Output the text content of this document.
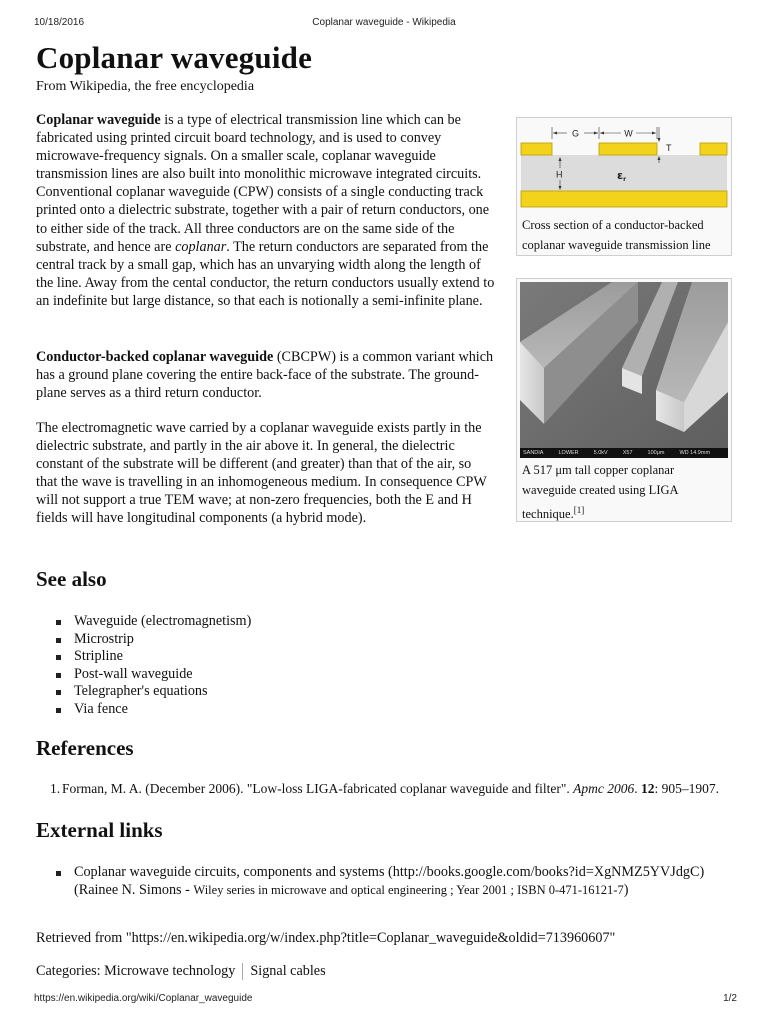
10/18/2016	Coplanar waveguide - Wikipedia
Coplanar waveguide
From Wikipedia, the free encyclopedia

Coplanar waveguide is a type of electrical transmission line which can be fabricated using printed circuit board technology, and is used to convey microwave-frequency signals. On a smaller scale, coplanar waveguide transmission lines are also built into monolithic microwave integrated circuits. Conventional coplanar waveguide (CPW) consists of a single conducting track printed onto a dielectric substrate, together with a pair of return conductors, one to either side of the track. All three conductors are on the same side of the substrate, and hence are coplanar. The return conductors are separated from the central track by a small gap, which has an unvarying width along the length of the line. Away from the cental conductor, the return conductors usually extend to an indefinite but large distance, so that each is notionally a semi-infinite plane.

Conductor-backed coplanar waveguide (CBCPW) is a common variant which has a ground plane covering the entire back-face of the substrate. The ground-plane serves as a third return conductor.

The electromagnetic wave carried by a coplanar waveguide exists partly in the dielectric substrate, and partly in the air above it. In general, the dielectric constant of the substrate will be different (and greater) than that of the air, so that the wave is travelling in an inhomogeneous medium. In consequence CPW will not support a true TEM wave; at non-zero frequencies, both the E and H fields will have longitudinal components (a hybrid mode).

G	W
T
H	εr
Cross section of a conductor-backed coplanar waveguide transmission line
SANDIA	LOWER	5.0kV	X57	100μm	WD 14.9mm
A 517 μm tall copper coplanar waveguide created using LIGA technique.[1]
See also
Waveguide (electromagnetism)
Microstrip
Stripline
Post-wall waveguide
Telegrapher's equations
Via fence
References
1. Forman, M. A. (December 2006). "Low-loss LIGA-fabricated coplanar waveguide and filter". Apmc 2006. 12: 905–1907.
External links
Coplanar waveguide circuits, components and systems (http://books.google.com/books?id=XgNMZ5YVJdgC) (Rainee N. Simons - Wiley series in microwave and optical engineering ; Year 2001 ; ISBN 0-471-16121-7)
Retrieved from "https://en.wikipedia.org/w/index.php?title=Coplanar_waveguide&oldid=713960607"
Categories: Microwave technology Signal cables
https://en.wikipedia.org/wiki/Coplanar_waveguide	1/2
